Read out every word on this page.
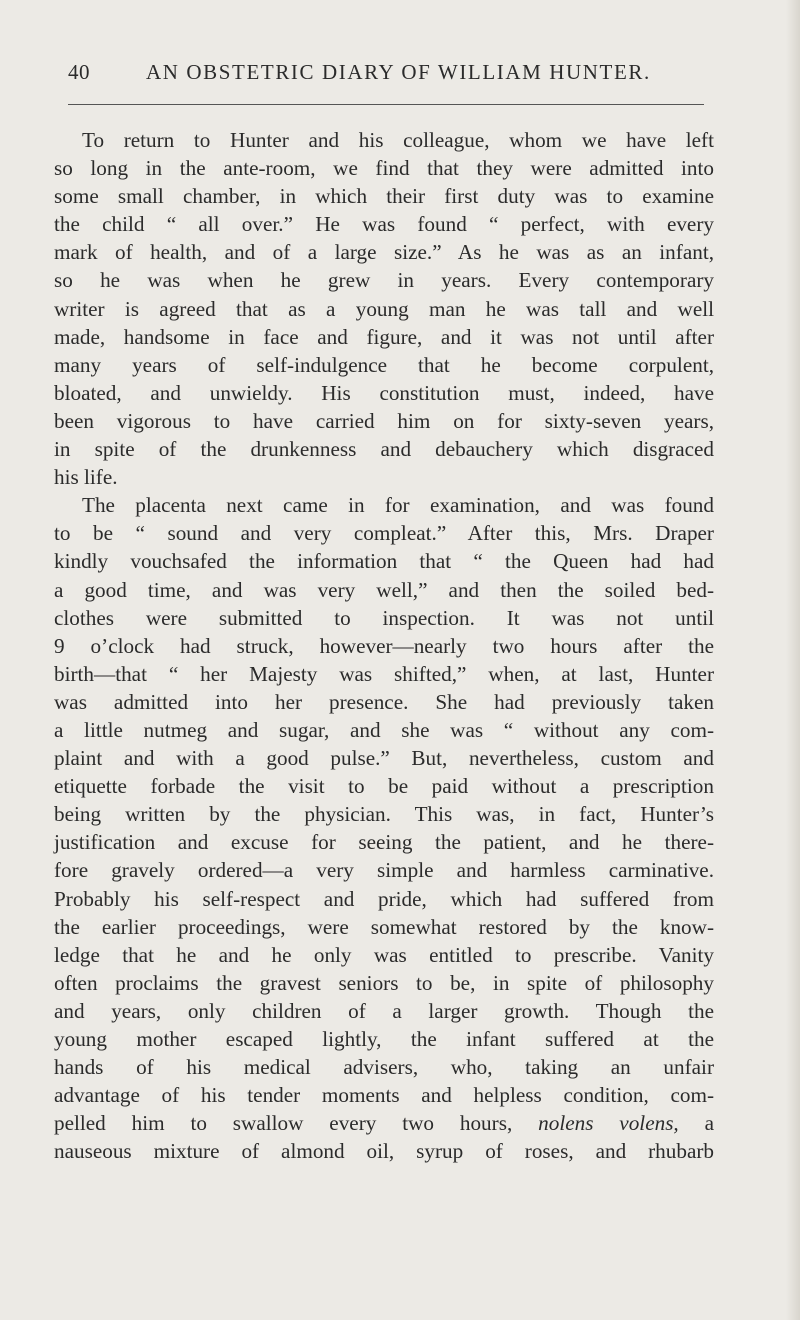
40	AN OBSTETRIC DIARY OF WILLIAM HUNTER.
To return to Hunter and his colleague, whom we have left
so long in the ante-room, we find that they were admitted into
some small chamber, in which their first duty was to examine
the child “ all over.” He was found “ perfect, with every
mark of health, and of a large size.” As he was as an infant,
so he was when he grew in years. Every contemporary
writer is agreed that as a young man he was tall and well
made, handsome in face and figure, and it was not until after
many years of self-indulgence that he become corpulent,
bloated, and unwieldy. His constitution must, indeed, have
been vigorous to have carried him on for sixty-seven years,
in spite of the drunkenness and debauchery which disgraced
his life.
The placenta next came in for examination, and was found
to be “ sound and very compleat.” After this, Mrs. Draper
kindly vouchsafed the information that “ the Queen had had
a good time, and was very well,” and then the soiled bed-
clothes were submitted to inspection. It was not until
9 o’clock had struck, however—nearly two hours after the
birth—that “ her Majesty was shifted,” when, at last, Hunter
was admitted into her presence. She had previously taken
a little nutmeg and sugar, and she was “ without any com-
plaint and with a good pulse.” But, nevertheless, custom and
etiquette forbade the visit to be paid without a prescription
being written by the physician. This was, in fact, Hunter’s
justification and excuse for seeing the patient, and he there-
fore gravely ordered—a very simple and harmless carminative.
Probably his self-respect and pride, which had suffered from
the earlier proceedings, were somewhat restored by the know-
ledge that he and he only was entitled to prescribe. Vanity
often proclaims the gravest seniors to be, in spite of philosophy
and years, only children of a larger growth. Though the
young mother escaped lightly, the infant suffered at the
hands of his medical advisers, who, taking an unfair
advantage of his tender moments and helpless condition, com-
pelled him to swallow every two hours, nolens volens, a
nauseous mixture of almond oil, syrup of roses, and rhubarb
